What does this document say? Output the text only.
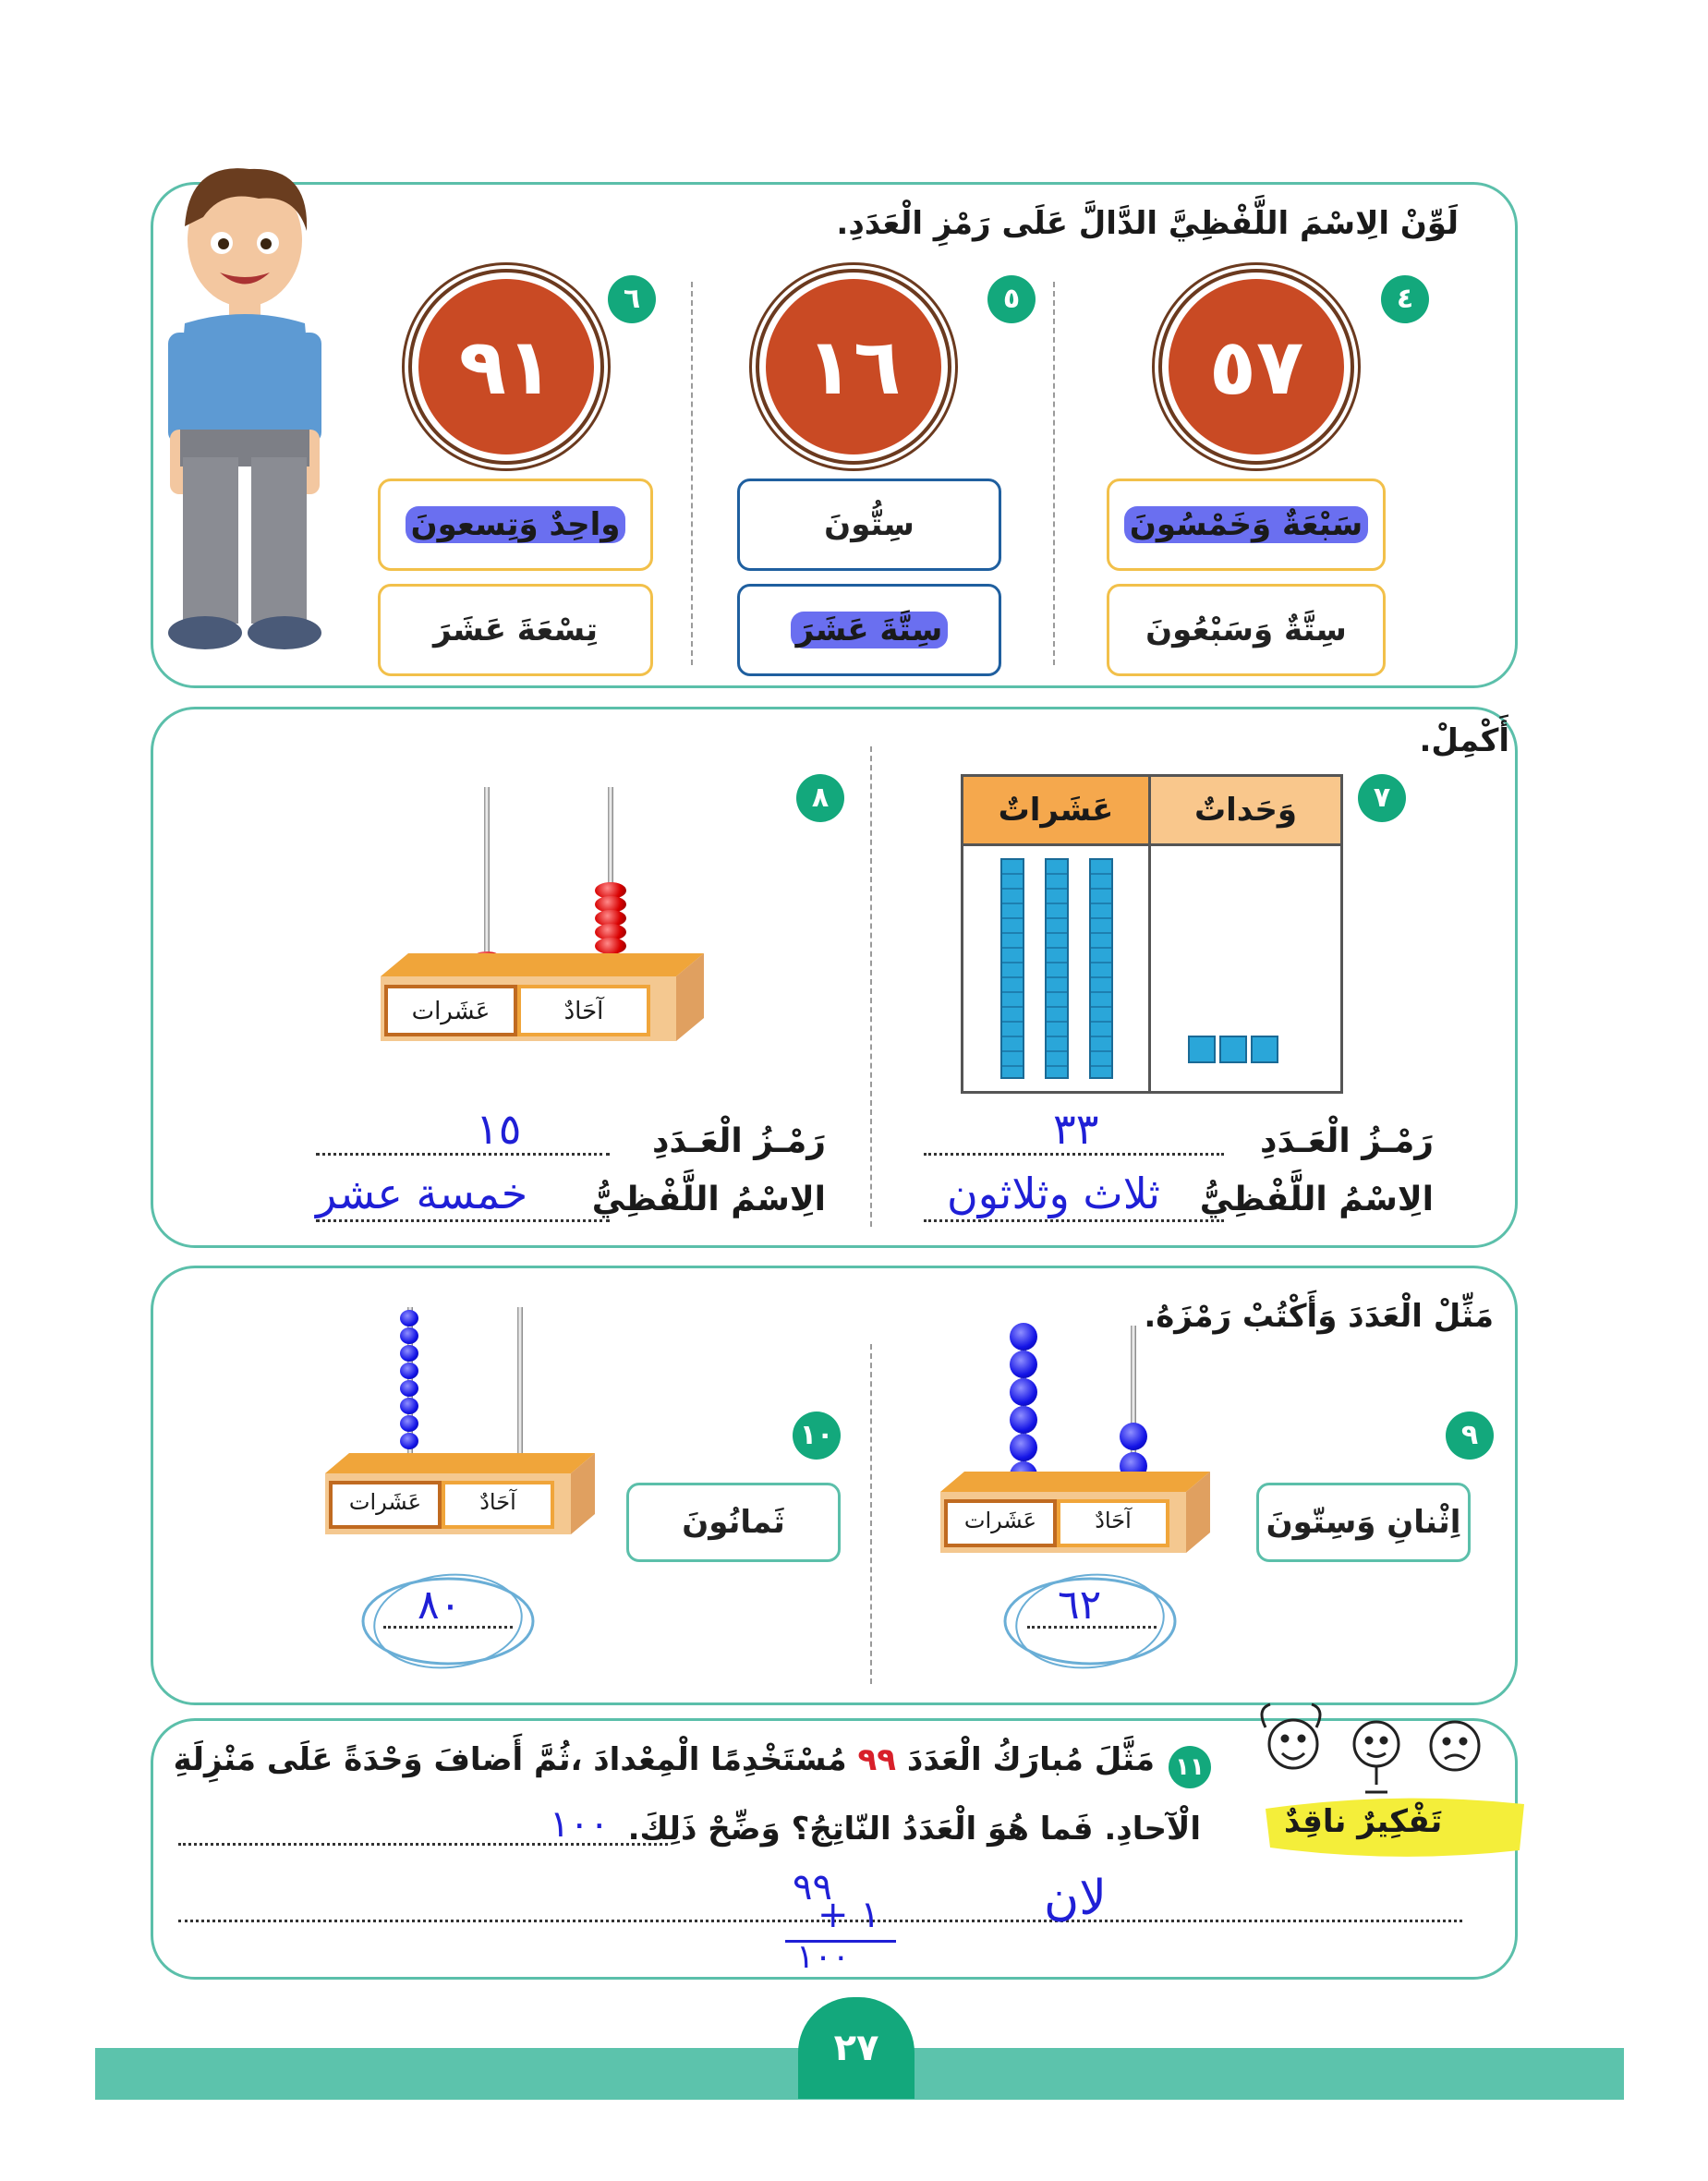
لَوِّنْ الِاسْمَ اللَّفْظِيَّ الدَّالَّ عَلَى رَمْزِ الْعَدَدِ.
٤
٥٧
سَبْعَةٌ وَخَمْسُونَ
سِتَّةٌ وَسَبْعُونَ
٥
١٦
سِتُّونَ
سِتَّةَ عَشَرَ
٦
٩١
واحِدٌ وَتِسعونَ
تِسْعَةَ عَشَرَ
أَكْمِلْ.
٧
عَشَراتٌ	وَحَداتٌ
رَمْـزُ الْعَـدَدِ
الِاسْمُ اللَّفْظِيُّ
٣٣
ثلاث وثلاثون
٨
عَشَرات	آحَادٌ
رَمْـزُ الْعَـدَدِ
الِاسْمُ اللَّفْظِيُّ
١٥
خمسة عشر
مَثِّلْ الْعَدَدَ وَأَكْتُبْ رَمْزَهُ.
٩
اِثْنانِ وَسِتّونَ
عَشَرات	آحَادٌ
٦٢
١٠
ثَمانُونَ
عَشَرات	آحَادٌ
٨٠
تَفْكِيرٌ ناقِدٌ
١١
مَثَّلَ مُبارَكُ الْعَدَدَ ٩٩ مُسْتَخْدِمًا الْمِعْدادَ ،ثُمَّ أَضافَ وَحْدَةً عَلَى مَنْزِلَةِ
الْآحادِ. فَما هُوَ الْعَدَدُ النّاتِجُ؟ وَضِّحْ ذَلِكَ.
١٠٠
لان
٩٩
+ ١
١٠٠
٢٧
